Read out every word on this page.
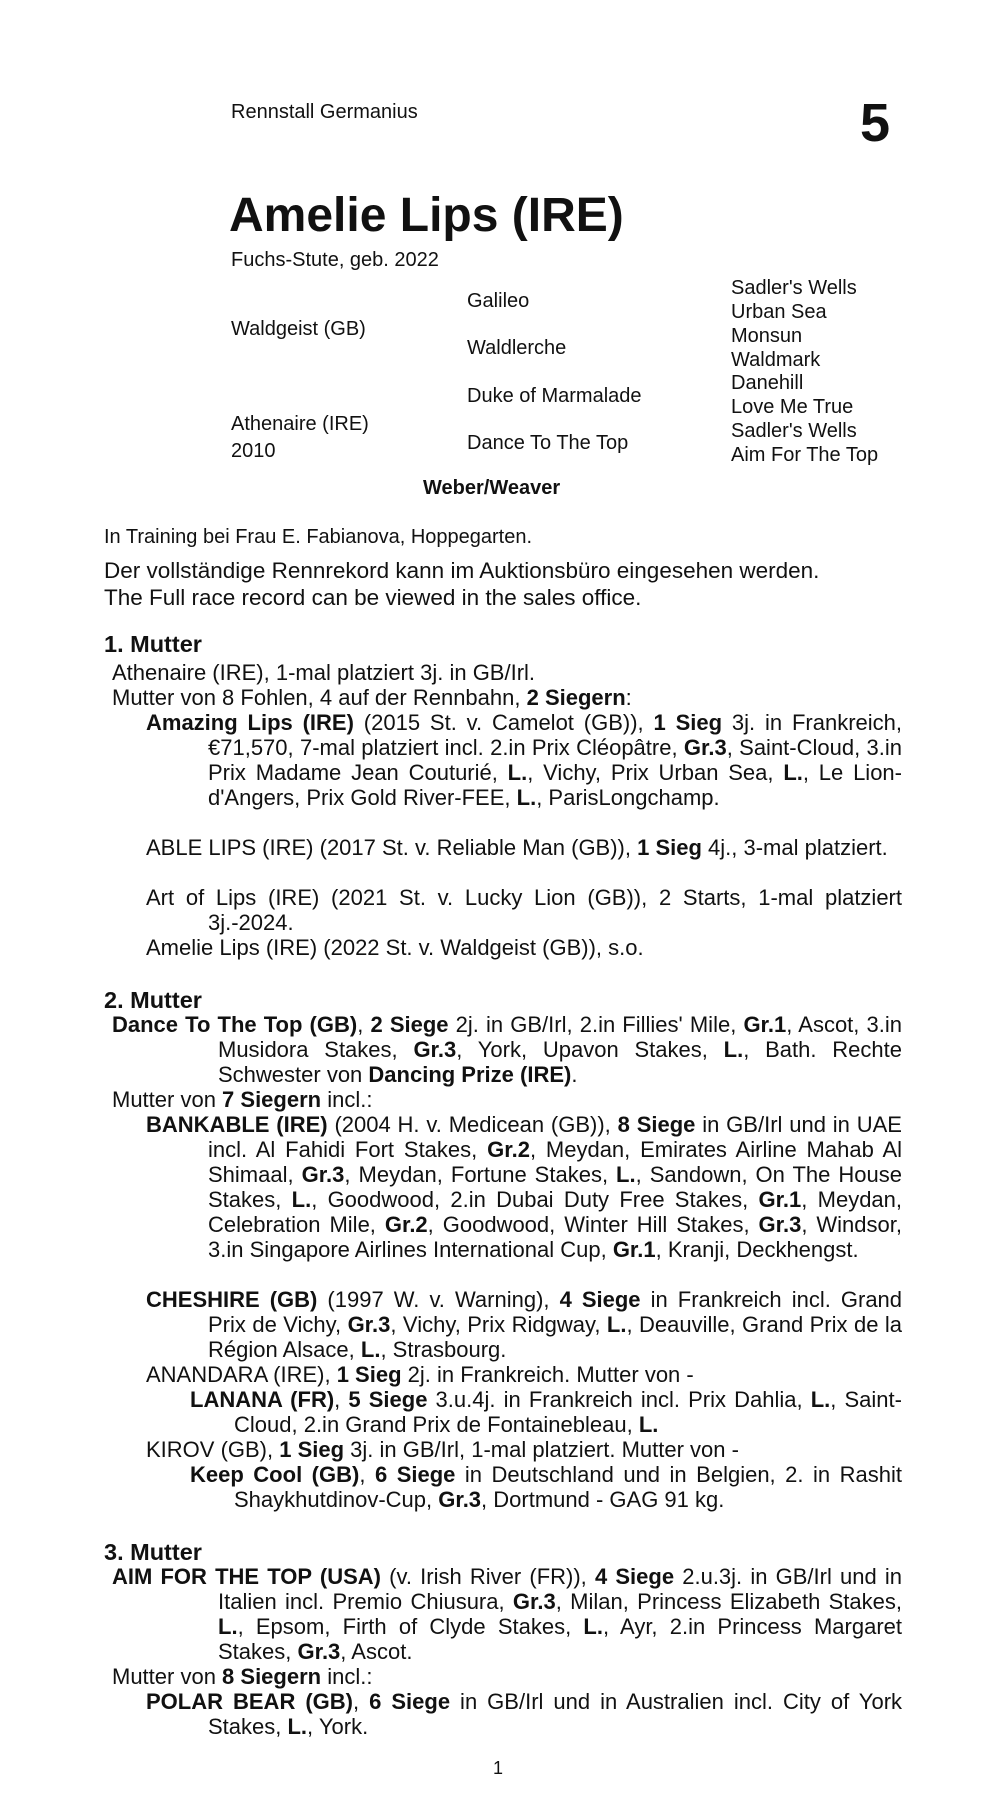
Rennstall Germanius	5
Amelie Lips (IRE)
Fuchs-Stute, geb. 2022
Waldgeist (GB)
Athenaire (IRE)
2010
Galileo
Waldlerche
Duke of Marmalade
Dance To The Top
Sadler's Wells
Urban Sea
Monsun
Waldmark
Danehill
Love Me True
Sadler's Wells
Aim For The Top
Weber/Weaver
In Training bei Frau E. Fabianova, Hoppegarten.
Der vollständige Rennrekord kann im Auktionsbüro eingesehen werden.
The Full race record can be viewed in the sales office.
1. Mutter
Athenaire (IRE), 1-mal platziert 3j. in GB/Irl.
Mutter von 8 Fohlen, 4 auf der Rennbahn, 2 Siegern:
Amazing Lips (IRE) (2015 St. v. Camelot (GB)), 1 Sieg 3j. in Frankreich, €71,570, 7-mal platziert incl. 2.in Prix Cléopâtre, Gr.3, Saint-Cloud, 3.in Prix Madame Jean Couturié, L., Vichy, Prix Urban Sea, L., Le Lion-d'Angers, Prix Gold River-FEE, L., ParisLongchamp.
ABLE LIPS (IRE) (2017 St. v. Reliable Man (GB)), 1 Sieg 4j., 3-mal platziert.
Art of Lips (IRE) (2021 St. v. Lucky Lion (GB)), 2 Starts, 1-mal platziert 3j.-2024.
Amelie Lips (IRE) (2022 St. v. Waldgeist (GB)), s.o.
2. Mutter
Dance To The Top (GB), 2 Siege 2j. in GB/Irl, 2.in Fillies' Mile, Gr.1, Ascot, 3.in Musidora Stakes, Gr.3, York, Upavon Stakes, L., Bath. Rechte Schwester von Dancing Prize (IRE).
Mutter von 7 Siegern incl.:
BANKABLE (IRE) (2004 H. v. Medicean (GB)), 8 Siege in GB/Irl und in UAE incl. Al Fahidi Fort Stakes, Gr.2, Meydan, Emirates Airline Mahab Al Shimaal, Gr.3, Meydan, Fortune Stakes, L., Sandown, On The House Stakes, L., Goodwood, 2.in Dubai Duty Free Stakes, Gr.1, Meydan, Celebration Mile, Gr.2, Goodwood, Winter Hill Stakes, Gr.3, Windsor, 3.in Singapore Airlines International Cup, Gr.1, Kranji, Deckhengst.
CHESHIRE (GB) (1997 W. v. Warning), 4 Siege in Frankreich incl. Grand Prix de Vichy, Gr.3, Vichy, Prix Ridgway, L., Deauville, Grand Prix de la Région Alsace, L., Strasbourg.
ANANDARA (IRE), 1 Sieg 2j. in Frankreich. Mutter von -
LANANA (FR), 5 Siege 3.u.4j. in Frankreich incl. Prix Dahlia, L., Saint-Cloud, 2.in Grand Prix de Fontainebleau, L.
KIROV (GB), 1 Sieg 3j. in GB/Irl, 1-mal platziert. Mutter von -
Keep Cool (GB), 6 Siege in Deutschland und in Belgien, 2. in Rashit Shaykhutdinov-Cup, Gr.3, Dortmund - GAG 91 kg.
3. Mutter
AIM FOR THE TOP (USA) (v. Irish River (FR)), 4 Siege 2.u.3j. in GB/Irl und in Italien incl. Premio Chiusura, Gr.3, Milan, Princess Elizabeth Stakes, L., Epsom, Firth of Clyde Stakes, L., Ayr, 2.in Princess Margaret Stakes, Gr.3, Ascot.
Mutter von 8 Siegern incl.:
POLAR BEAR (GB), 6 Siege in GB/Irl und in Australien incl. City of York Stakes, L., York.
1
